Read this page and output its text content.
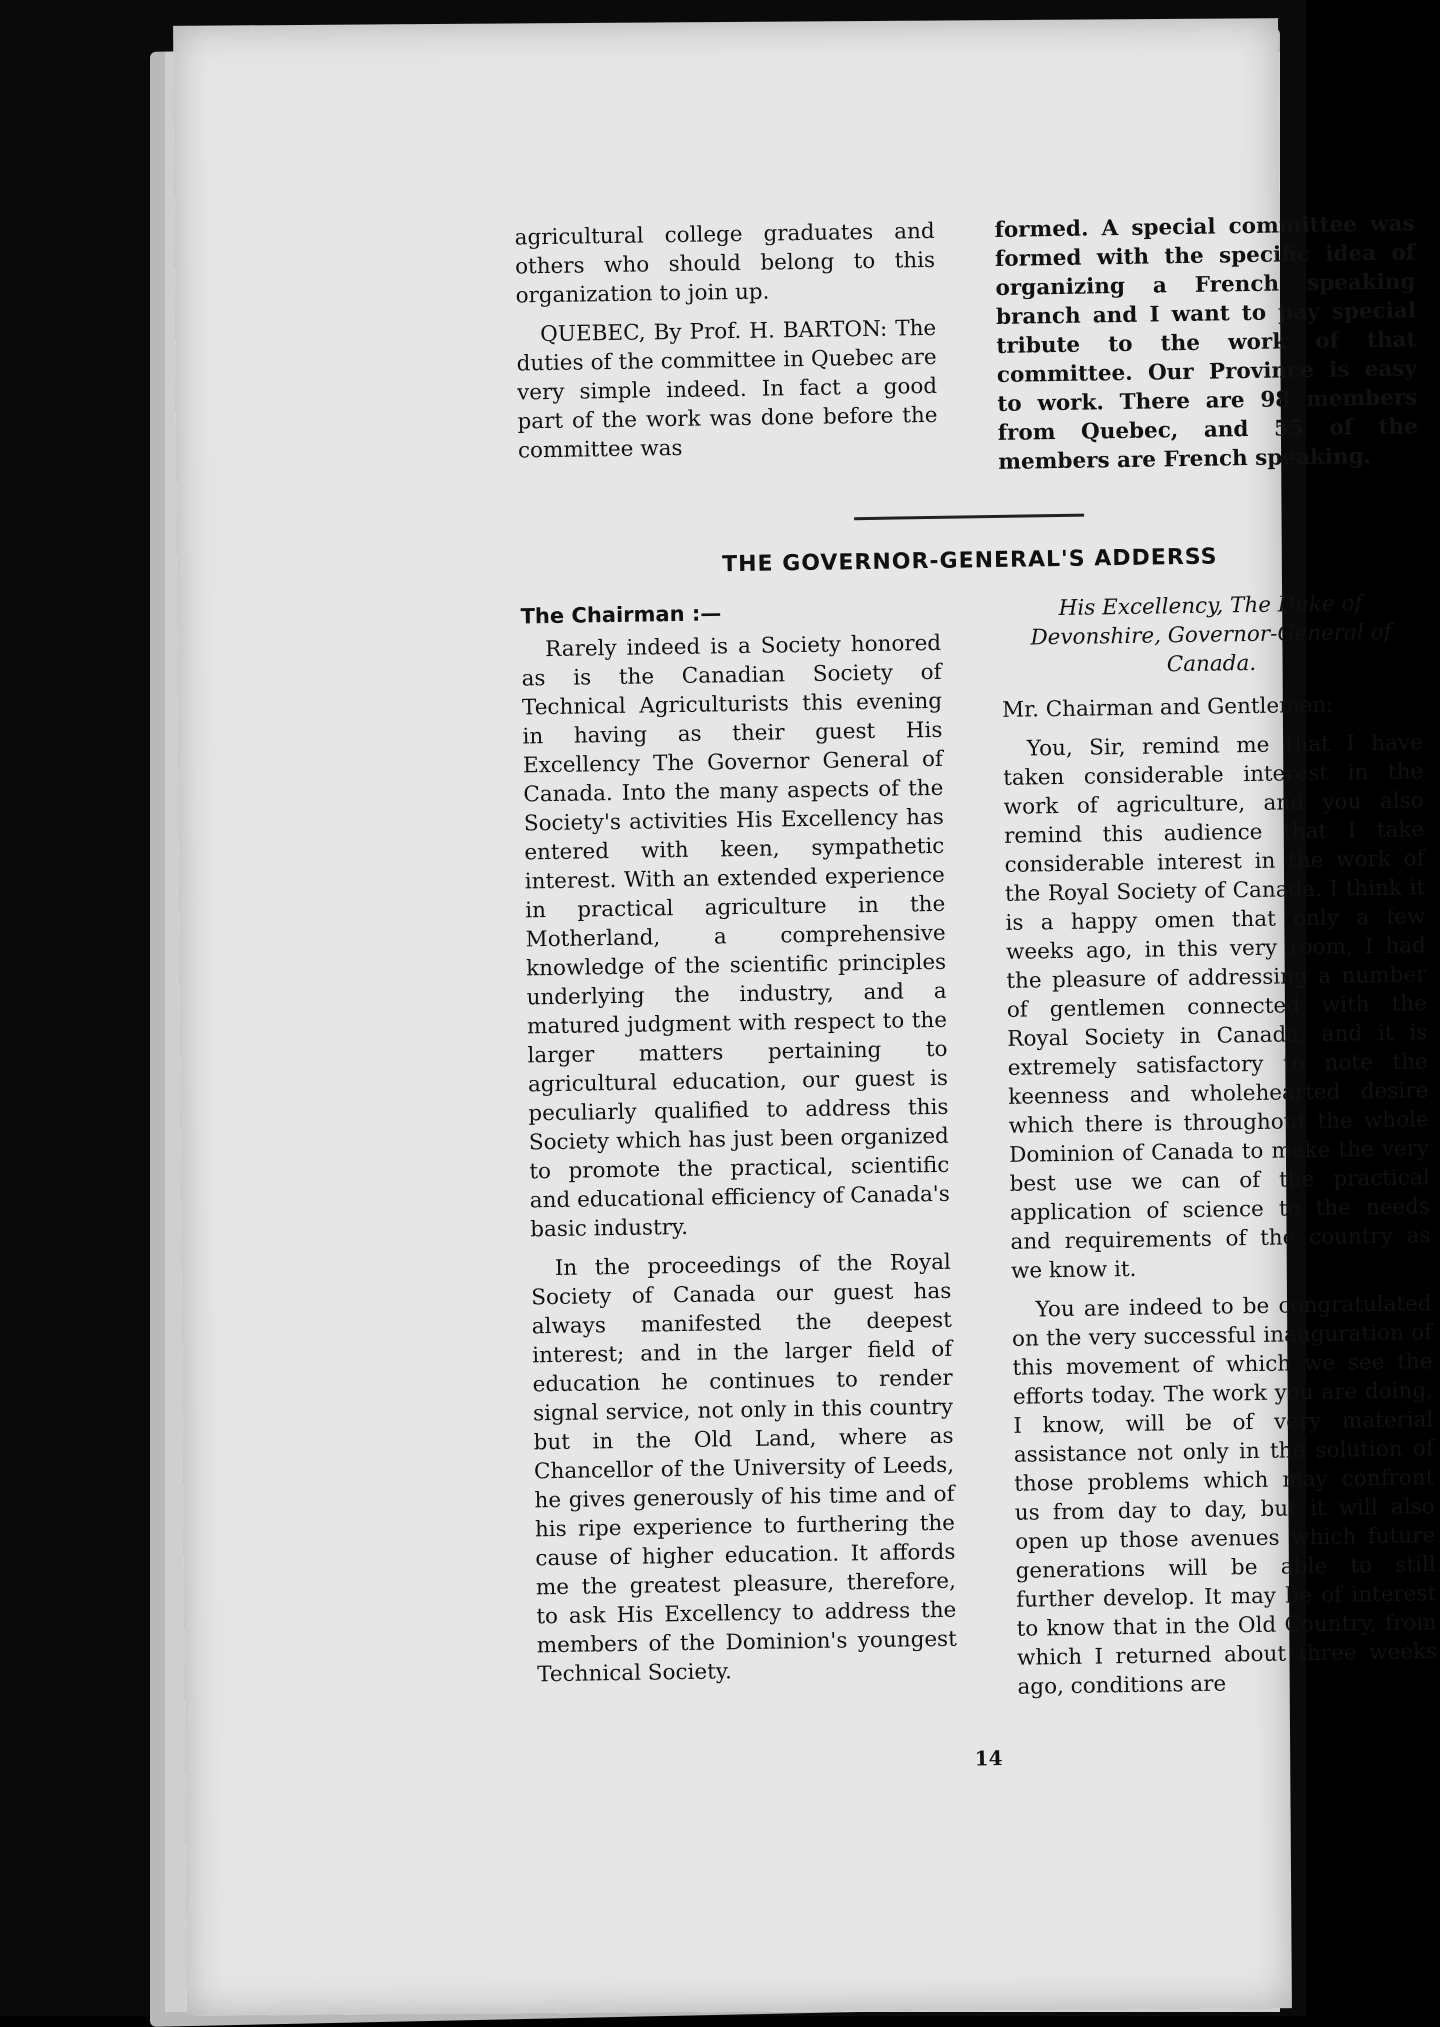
agricultural college graduates and others who should belong to this organization to join up.

QUEBEC, By Prof. H. BARTON: The duties of the committee in Quebec are very simple indeed. In fact a good part of the work was done before the committee was

formed. A special committee was formed with the specific idea of organizing a French speaking branch and I want to pay special tribute to the work of that committee. Our Province is easy to work. There are 98 members from Quebec, and 55 of the members are French speaking.

THE GOVERNOR-GENERAL'S ADDERSS
The Chairman :—

Rarely indeed is a Society honored as is the Canadian Society of Technical Agriculturists this evening in having as their guest His Excellency The Governor General of Canada. Into the many aspects of the Society's activities His Excellency has entered with keen, sympathetic interest. With an extended experience in practical agriculture in the Motherland, a comprehensive knowledge of the scientific principles underlying the industry, and a matured judgment with respect to the larger matters pertaining to agricultural education, our guest is peculiarly qualified to address this Society which has just been organized to promote the practical, scientific and educational efficiency of Canada's basic industry.

In the proceedings of the Royal Society of Canada our guest has always manifested the deepest interest; and in the larger field of education he continues to render signal service, not only in this country but in the Old Land, where as Chancellor of the University of Leeds, he gives generously of his time and of his ripe experience to furthering the cause of higher education. It affords me the greatest pleasure, therefore, to ask His Excellency to address the members of the Dominion's youngest Technical Society.

His Excellency, The Duke of Devonshire, Governor-General of Canada.

Mr. Chairman and Gentlemen:

You, Sir, remind me that I have taken considerable interest in the work of agriculture, and you also remind this audience that I take considerable interest in the work of the Royal Society of Canada. I think it is a happy omen that only a few weeks ago, in this very room, I had the pleasure of addressing a number of gentlemen connected with the Royal Society in Canada, and it is extremely satisfactory to note the keenness and wholehearted desire which there is throughout the whole Dominion of Canada to make the very best use we can of the practical application of science to the needs and requirements of the country as we know it.

You are indeed to be congratulated on the very successful inauguration of this movement of which we see the efforts today. The work you are doing, I know, will be of very material assistance not only in the solution of those problems which may confront us from day to day, but it will also open up those avenues which future generations will be able to still further develop. It may be of interest to know that in the Old Country, from which I returned about three weeks ago, conditions are

14
